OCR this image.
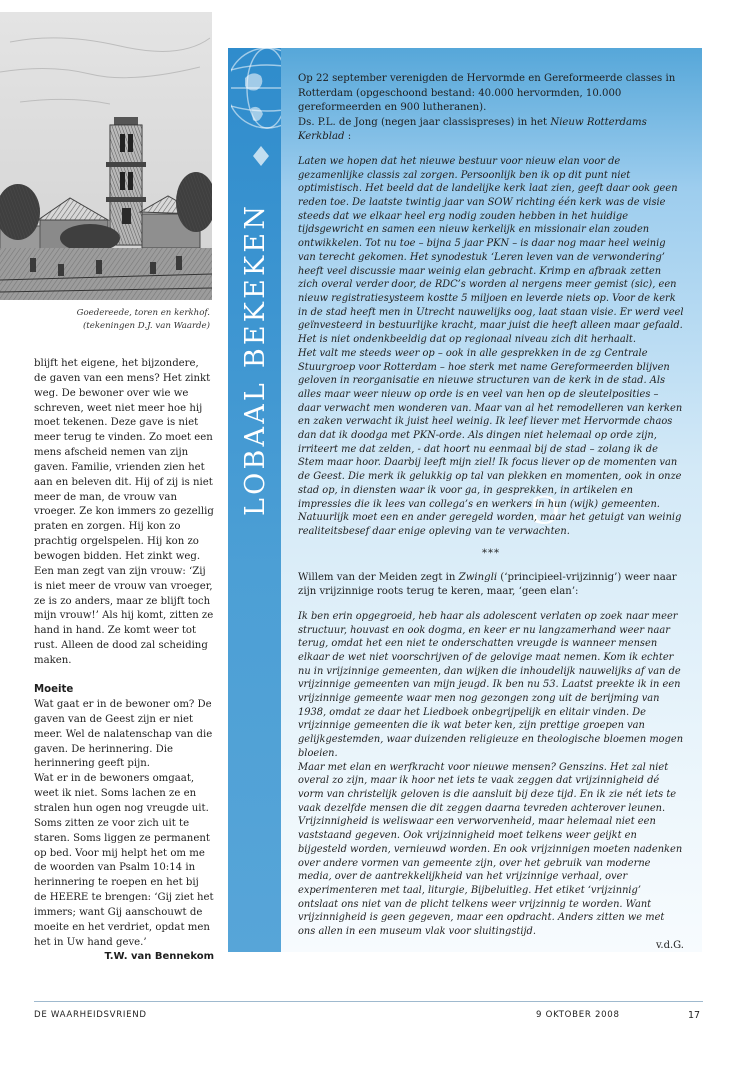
Goedereede, toren en kerkhof.
(tekeningen D.J. van Waarde)

blijft het eigene, het bijzondere, de gaven van een mens? Het zinkt weg. De bewoner over wie we schreven, weet niet meer hoe hij moet tekenen. Deze gave is niet meer terug te vinden. Zo moet een mens afscheid nemen van zijn gaven. Familie, vrienden zien het aan en beleven dit. Hij of zij is niet meer de man, de vrouw van vroeger. Ze kon immers zo gezellig praten en zorgen. Hij kon zo prachtig orgelspelen. Hij kon zo bewogen bidden. Het zinkt weg.

Een man zegt van zijn vrouw: ‘Zij is niet meer de vrouw van vroeger, ze is zo anders, maar ze blijft toch mijn vrouw!’ Als hij komt, zitten ze hand in hand. Ze komt weer tot rust. Alleen de dood zal scheiding maken.

Moeite

Wat gaat er in de bewoner om? De gaven van de Geest zijn er niet meer. Wel de nalatenschap van die gaven. De herinnering. Die herinnering geeft pijn.

Wat er in de bewoners omgaat, weet ik niet. Soms lachen ze en stralen hun ogen nog vreugde uit. Soms zitten ze voor zich uit te staren. Soms liggen ze permanent op bed. Voor mij helpt het om me de woorden van Psalm 10:14 in herinnering te roepen en het bij de HEERE te brengen: ‘Gij ziet het immers; want Gij aanschouwt de moeite en het verdriet, opdat men het in Uw hand geve.’

T.W. van Bennekom

G
LOBAAL BEKEKEN

Op 22 september verenigden de Hervormde en Gereformeerde classes in Rotterdam (opgeschoond bestand: 40.000 hervormden, 10.000 gereformeerden en 900 lutheranen).

Ds. P.L. de Jong (negen jaar classispreses) in het Nieuw Rotterdams Kerkblad :

Laten we hopen dat het nieuwe bestuur voor nieuw elan voor de gezamenlijke classis zal zorgen. Persoonlijk ben ik op dit punt niet optimistisch. Het beeld dat de landelijke kerk laat zien, geeft daar ook geen reden toe. De laatste twintig jaar van SOW richting één kerk was de visie steeds dat we elkaar heel erg nodig zouden hebben in het huidige tijdsgewricht en samen een nieuw kerkelijk en missionair elan zouden ontwikkelen. Tot nu toe – bijna 5 jaar PKN – is daar nog maar heel weinig van terecht gekomen. Het synodestuk ‘Leren leven van de verwondering’ heeft veel discussie maar weinig elan gebracht. Krimp en afbraak zetten zich overal verder door, de RDC’s worden al nergens meer gemist (sic), een nieuw registratiesysteem kostte 5 miljoen en leverde niets op. Voor de kerk in de stad heeft men in Utrecht nauwelijks oog, laat staan visie. Er werd veel geïnvesteerd in bestuurlijke kracht, maar juist die heeft alleen maar gefaald. Het is niet ondenkbeeldig dat op regionaal niveau zich dit herhaalt.

Het valt me steeds weer op – ook in alle gesprekken in de zg Centrale Stuurgroep voor Rotterdam – hoe sterk met name Gereformeerden blijven geloven in reorganisatie en nieuwe structuren van de kerk in de stad. Als alles maar weer nieuw op orde is en veel van hen op de sleutelposities – daar verwacht men wonderen van. Maar van al het remodelleren van kerken en zaken verwacht ik juist heel weinig. Ik leef liever met Hervormde chaos dan dat ik doodga met PKN-orde. Als dingen niet helemaal op orde zijn, irriteert me dat zelden, - dat hoort nu eenmaal bij de stad – zolang ik de Stem maar hoor. Daarbij leeft mijn ziel! Ik focus liever op de momenten van de Geest. Die merk ik gelukkig op tal van plekken en momenten, ook in onze stad op, in diensten waar ik voor ga, in gesprekken, in artikelen en impressies die ik lees van collega’s en werkers in hun (wijk) gemeenten. Natuurlijk moet een en ander geregeld worden, maar het getuigt van weinig realiteitsbesef daar enige opleving van te verwachten.

***

Willem van der Meiden zegt in Zwingli (‘principieel-vrijzinnig’) weer naar zijn vrijzinnige roots terug te keren, maar, ‘geen elan’:

Ik ben erin opgegroeid, heb haar als adolescent verlaten op zoek naar meer structuur, houvast en ook dogma, en keer er nu langzamerhand weer naar terug, omdat het een niet te onderschatten vreugde is wanneer mensen elkaar de wet niet voorschrijven of de gelovige maat nemen. Kom ik echter nu in vrijzinnige gemeenten, dan wijken die inhoudelijk nauwelijks af van de vrijzinnige gemeenten van mijn jeugd. Ik ben nu 53. Laatst preekte ik in een vrijzinnige gemeente waar men nog gezongen zong uit de berijming van 1938, omdat ze daar het Liedboek onbegrijpelijk en elitair vinden. De vrijzinnige gemeenten die ik wat beter ken, zijn prettige groepen van gelijkgestemden, waar duizenden religieuze en theologische bloemen mogen bloeien.

Maar met elan en werfkracht voor nieuwe mensen? Genszins. Het zal niet overal zo zijn, maar ik hoor net iets te vaak zeggen dat vrijzinnigheid dé vorm van christelijk geloven is die aansluit bij deze tijd. En ik zie nét iets te vaak dezelfde mensen die dit zeggen daarna tevreden achterover leunen. Vrijzinnigheid is weliswaar een verworvenheid, maar helemaal niet een vaststaand gegeven. Ook vrijzinnigheid moet telkens weer geijkt en bijgesteld worden, vernieuwd worden. En ook vrijzinnigen moeten nadenken over andere vormen van gemeente zijn, over het gebruik van moderne media, over de aantrekkelijkheid van het vrijzinnige verhaal, over experimenteren met taal, liturgie, Bijbeluitleg. Het etiket ‘vrijzinnig’ ontslaat ons niet van de plicht telkens weer vrijzinnig te worden. Want vrijzinnigheid is geen gegeven, maar een opdracht. Anders zitten we met ons allen in een museum vlak voor sluitingstijd.

v.d.G.

DE WAARHEIDSVRIEND	9 OKTOBER 2008	17
